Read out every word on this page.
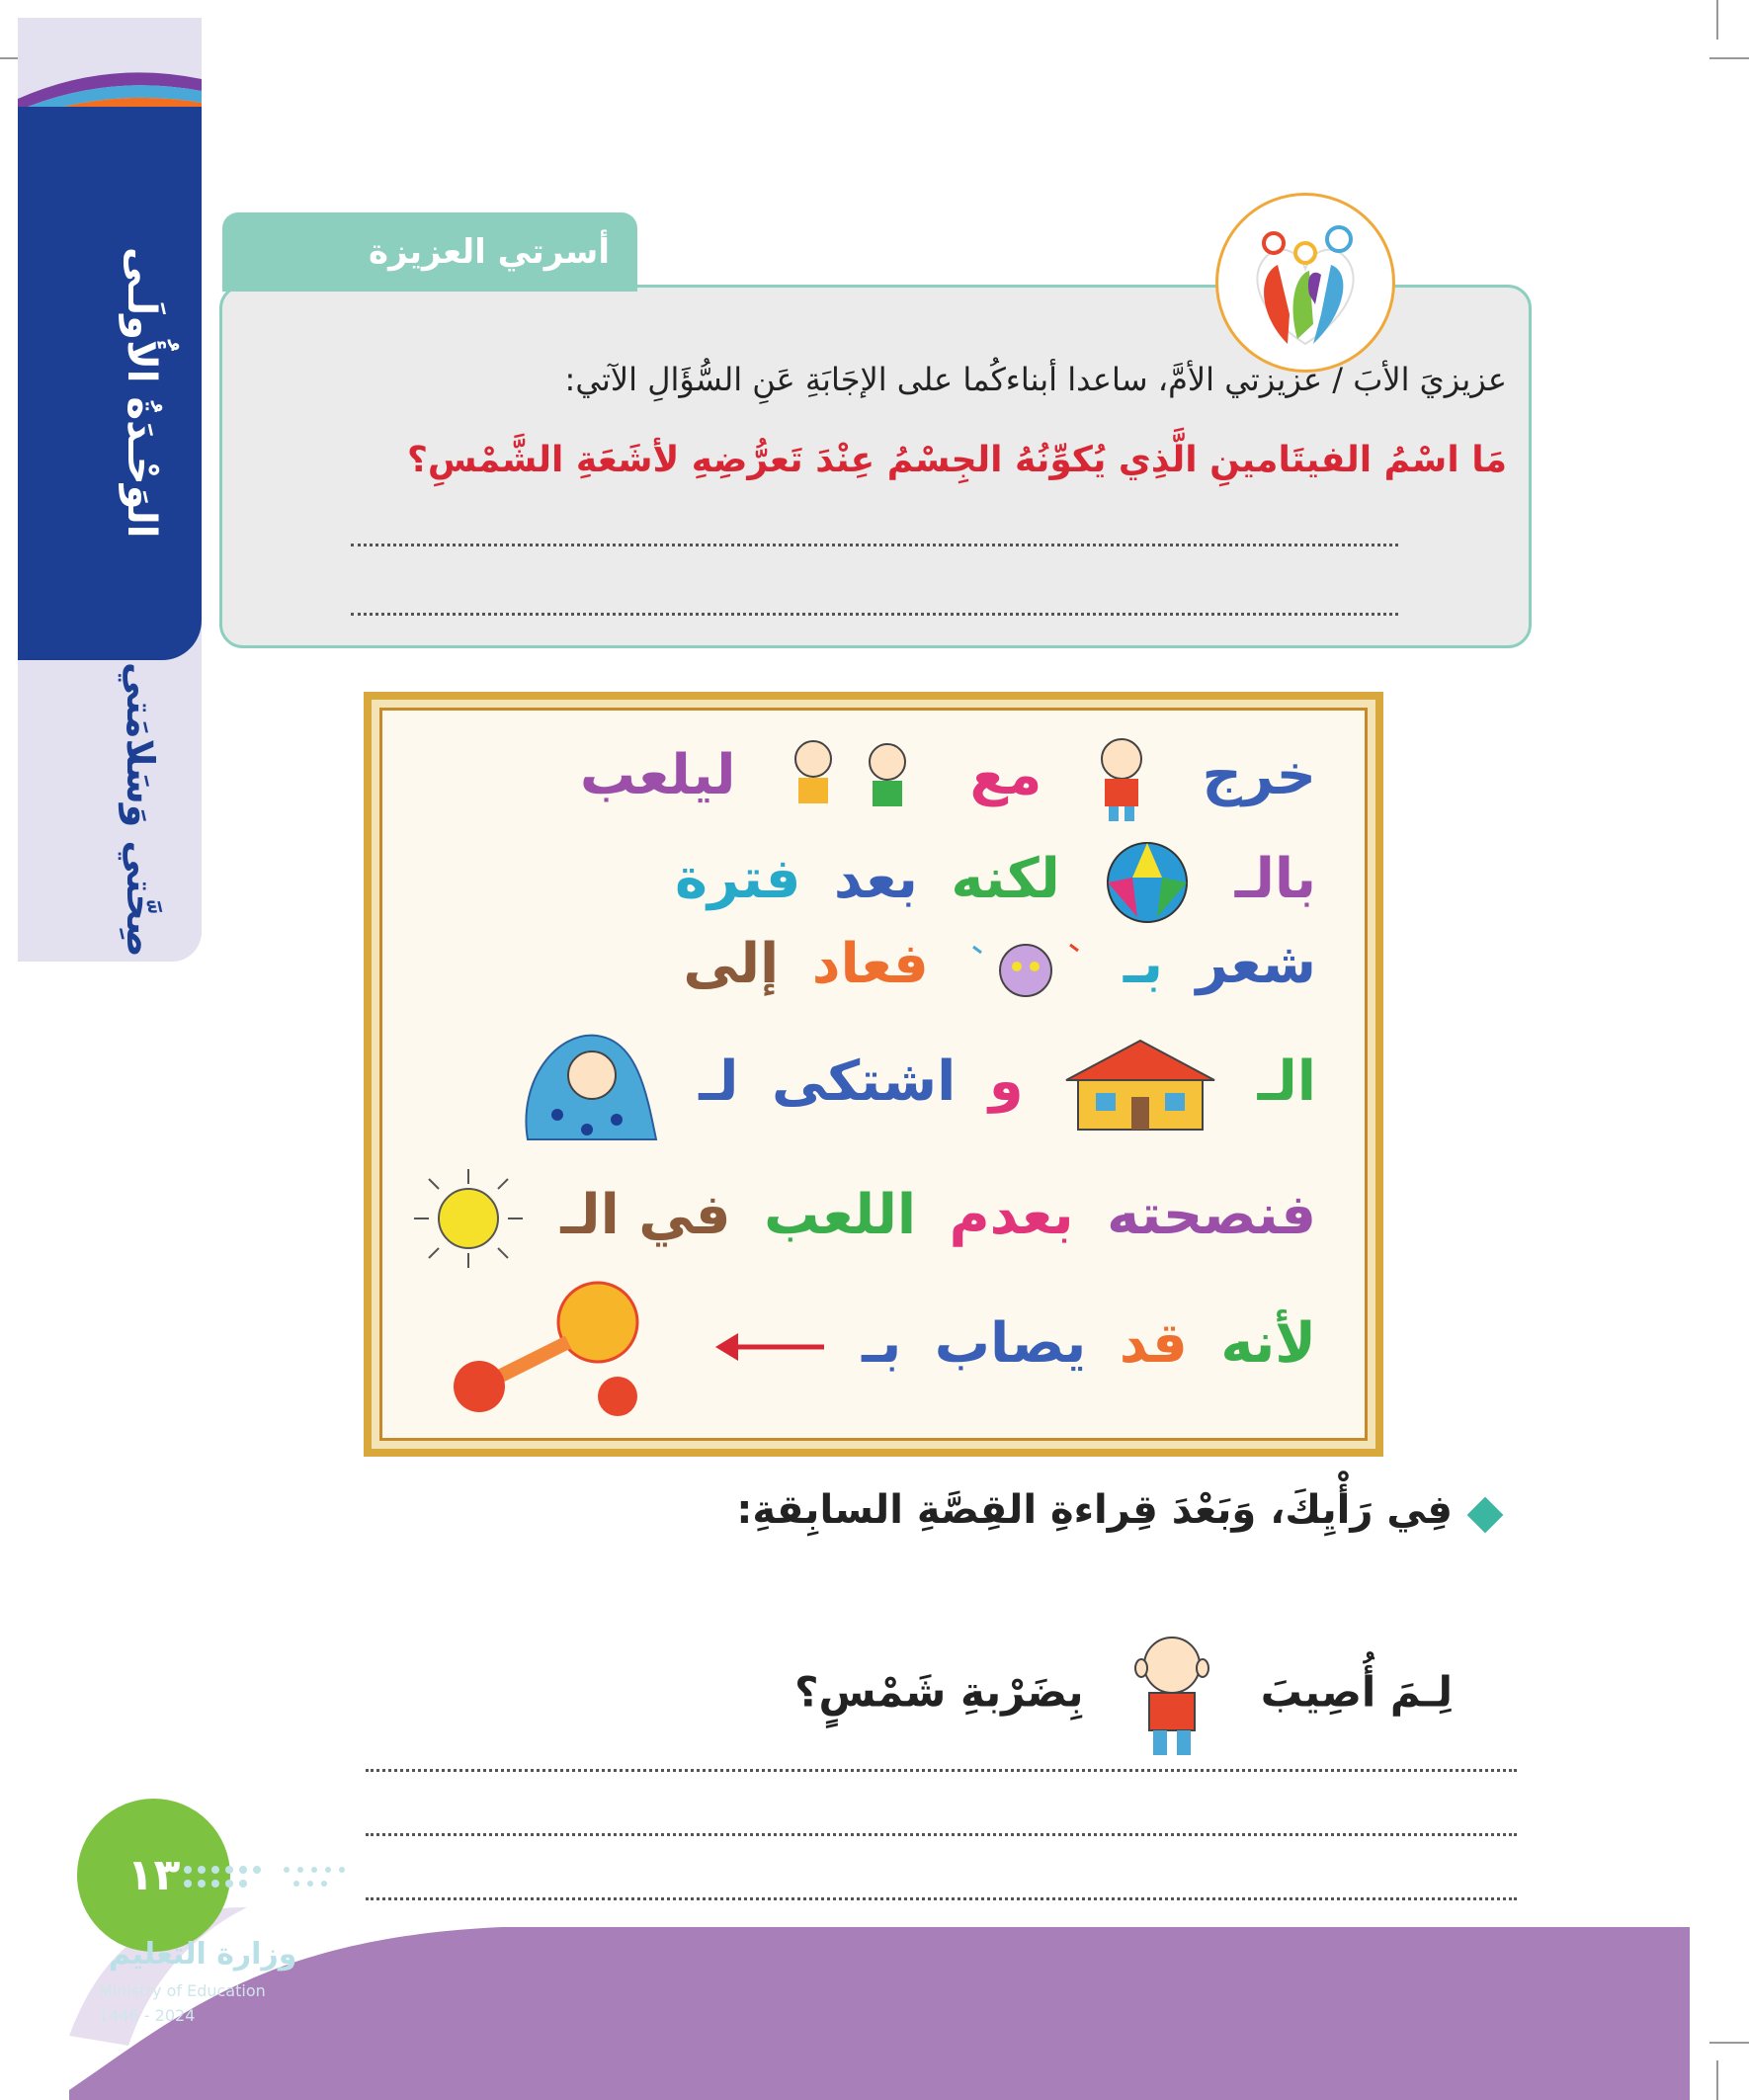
الوَحْـدَةُ الأُولَـى
صِحَّتي وَسَلامَتي
أسرتي العزيزة
عزيزيَ الأبَ / عزيزتي الأمَّ، ساعدا أبناءكُما على الإجَابَةِ عَنِ السُّؤَالِ الآتي:
مَا اسْمُ الفيتَامينِ الَّذِي يُكوِّنُهُ الجِسْمُ عِنْدَ تَعرُّضِهِ لأشَعَةِ الشَّمْسِ؟
خرج  مع  ليلعب
بالـ  لكنه بعد فترة
شعر بـ  فعاد إلى
الـ  و اشتكى لـ
فنصحته بعدم اللعب في الـ
لأنه قد يصاب بـ
فِي رَأْيِكَ، وَبَعْدَ قِراءةِ القِصَّةِ السابِقةِ:
لِـمَ أُصِيبَ  بِضَرْبةِ شَمْسٍ؟
١٣
وزارة التعليم
Ministry of Education
2024 - 1446
